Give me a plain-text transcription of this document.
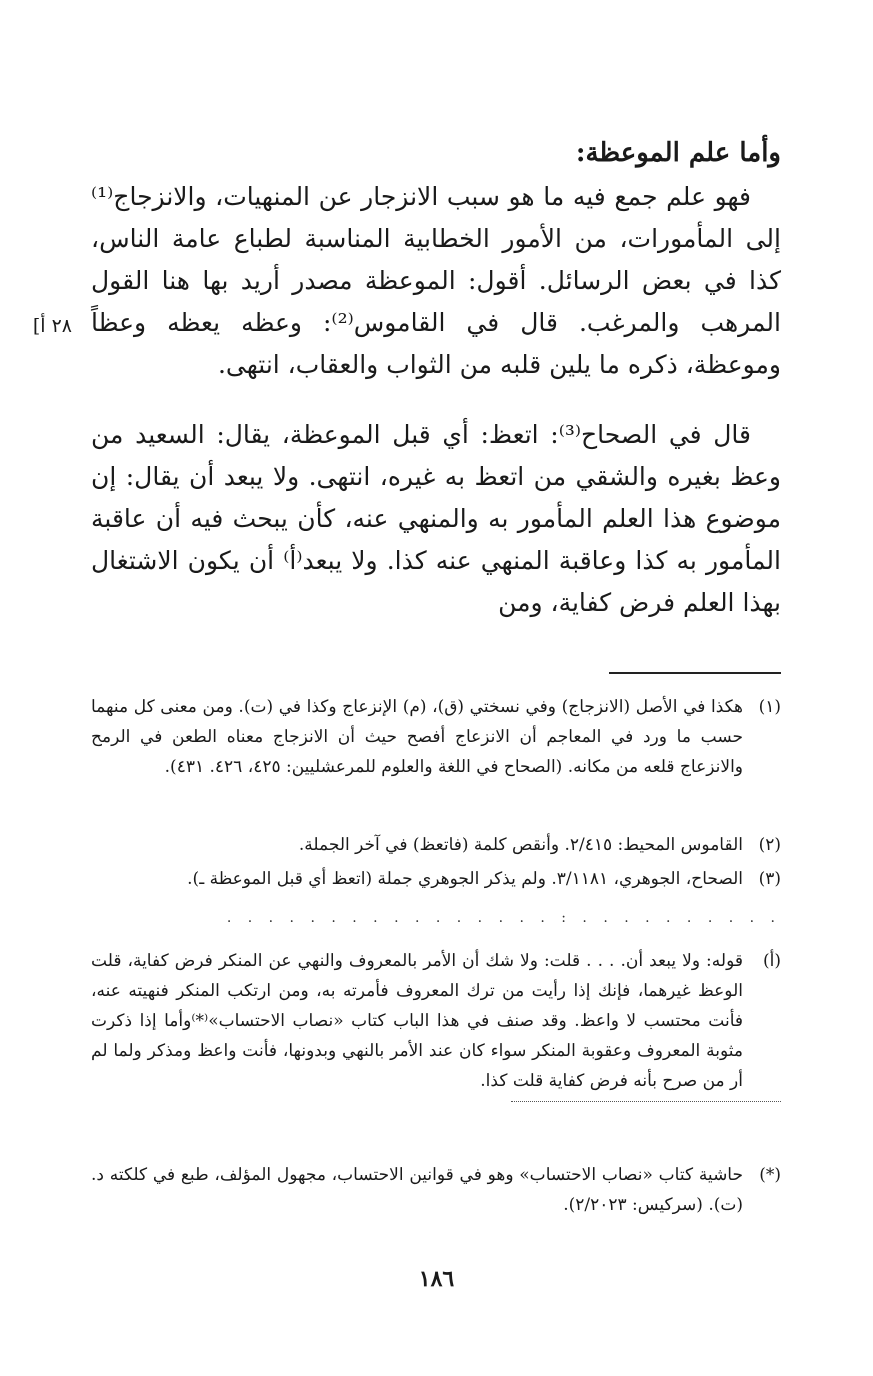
وأما علم الموعظة:

فهو علم جمع فيه ما هو سبب الانزجار عن المنهيات، والانزجاج⁽¹⁾ إلى المأمورات، من الأمور الخطابية المناسبة لطباع عامة الناس، كذا في بعض الرسائل. أقول: الموعظة مصدر أريد بها هنا القول المرهب والمرغب. قال في القاموس⁽²⁾: وعظه يعظه وعظاً وموعظة، ذكره ما يلين قلبه من الثواب والعقاب، انتهى.

٢٨ أ]

قال في الصحاح⁽³⁾: اتعظ: أي قبل الموعظة، يقال: السعيد من وعظ بغيره والشقي من اتعظ به غيره، انتهى. ولا يبعد أن يقال: إن موضوع هذا العلم المأمور به والمنهي عنه، كأن يبحث فيه أن عاقبة المأمور به كذا وعاقبة المنهي عنه كذا. ولا يبعد⁽أ⁾ أن يكون الاشتغال بهذا العلم فرض كفاية، ومن

(١)
هكذا في الأصل (الانزجاج) وفي نسختي (ق)، (م) الإنزعاج وكذا في (ت). ومن معنى كل منهما حسب ما ورد في المعاجم أن الانزعاج أفصح حيث أن الانزجاج معناه الطعن في الرمح والانزعاج قلعه من مكانه. (الصحاح في اللغة والعلوم للمرعشليين: ٤٢٥، ٤٢٦. ٤٣١).
(٢)
القاموس المحيط: ٢/٤١٥. وأنقص كلمة (فاتعظ) في آخر الجملة.
(٣)
الصحاح، الجوهري، ٣/١١٨١. ولم يذكر الجوهري جملة (اتعظ أي قبل الموعظة ـ).
. . . . . . . . . . : . . . . . . . . . . . . . . . .
(أ)
قوله: ولا يبعد أن. . . . قلت: ولا شك أن الأمر بالمعروف والنهي عن المنكر فرض كفاية، قلت الوعظ غيرهما، فإنك إذا رأيت من ترك المعروف فأمرته به، ومن ارتكب المنكر فنهيته عنه، فأنت محتسب لا واعظ. وقد صنف في هذا الباب كتاب «نصاب الاحتساب»⁽*⁾وأما إذا ذكرت مثوبة المعروف وعقوبة المنكر سواء كان عند الأمر بالنهي وبدونها، فأنت واعظ ومذكر ولما لم أر من صرح بأنه فرض كفاية قلت كذا.
(*)
حاشية كتاب «نصاب الاحتساب» وهو في قوانين الاحتساب، مجهول المؤلف، طبع في كلكته د. (ت). (سركيس: ٢/٢٠٢٣).
١٨٦
